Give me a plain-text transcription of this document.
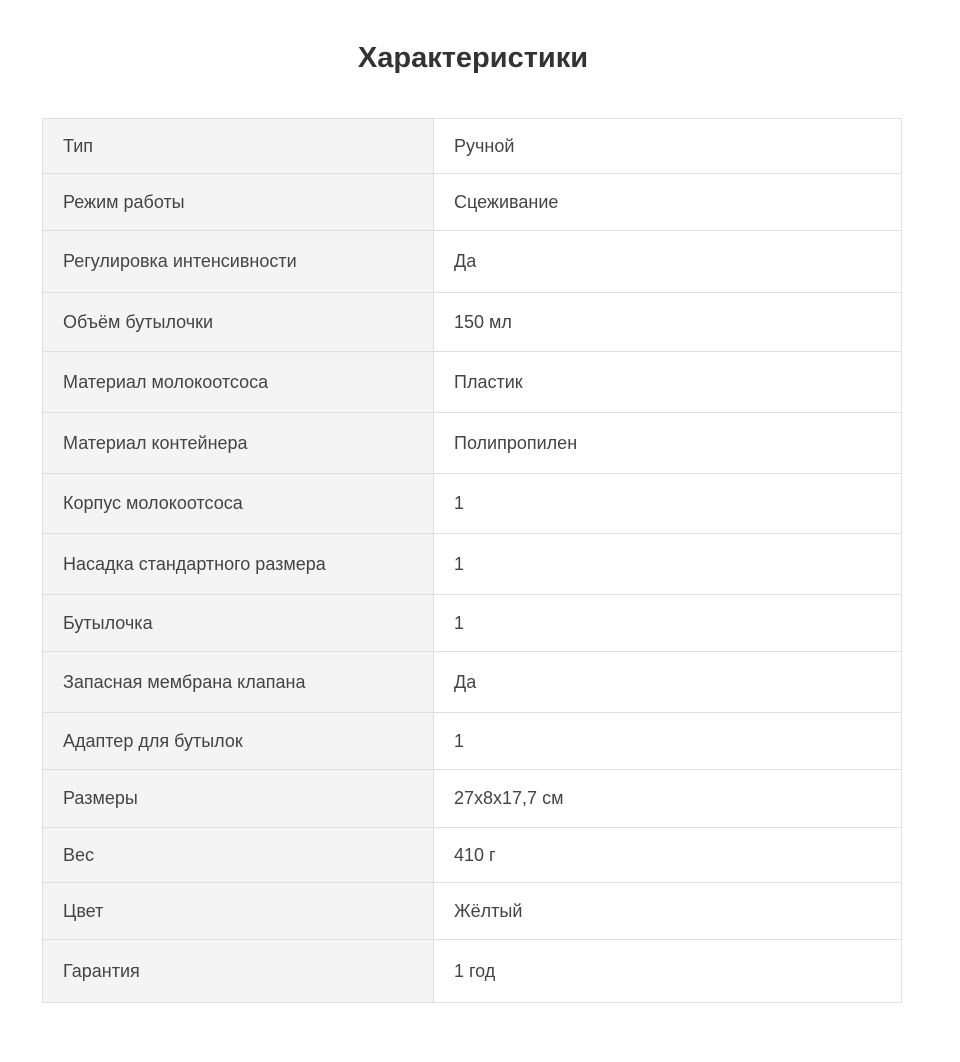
Характеристики
Тип	Ручной
Режим работы	Сцеживание
Регулировка интенсивности	Да
Объём бутылочки	150 мл
Материал молокоотсоса	Пластик
Материал контейнера	Полипропилен
Корпус молокоотсоса	1
Насадка стандартного размера	1
Бутылочка	1
Запасная мембрана клапана	Да
Адаптер для бутылок	1
Размеры	27x8x17,7 см
Вес	410 г
Цвет	Жёлтый
Гарантия	1 год
